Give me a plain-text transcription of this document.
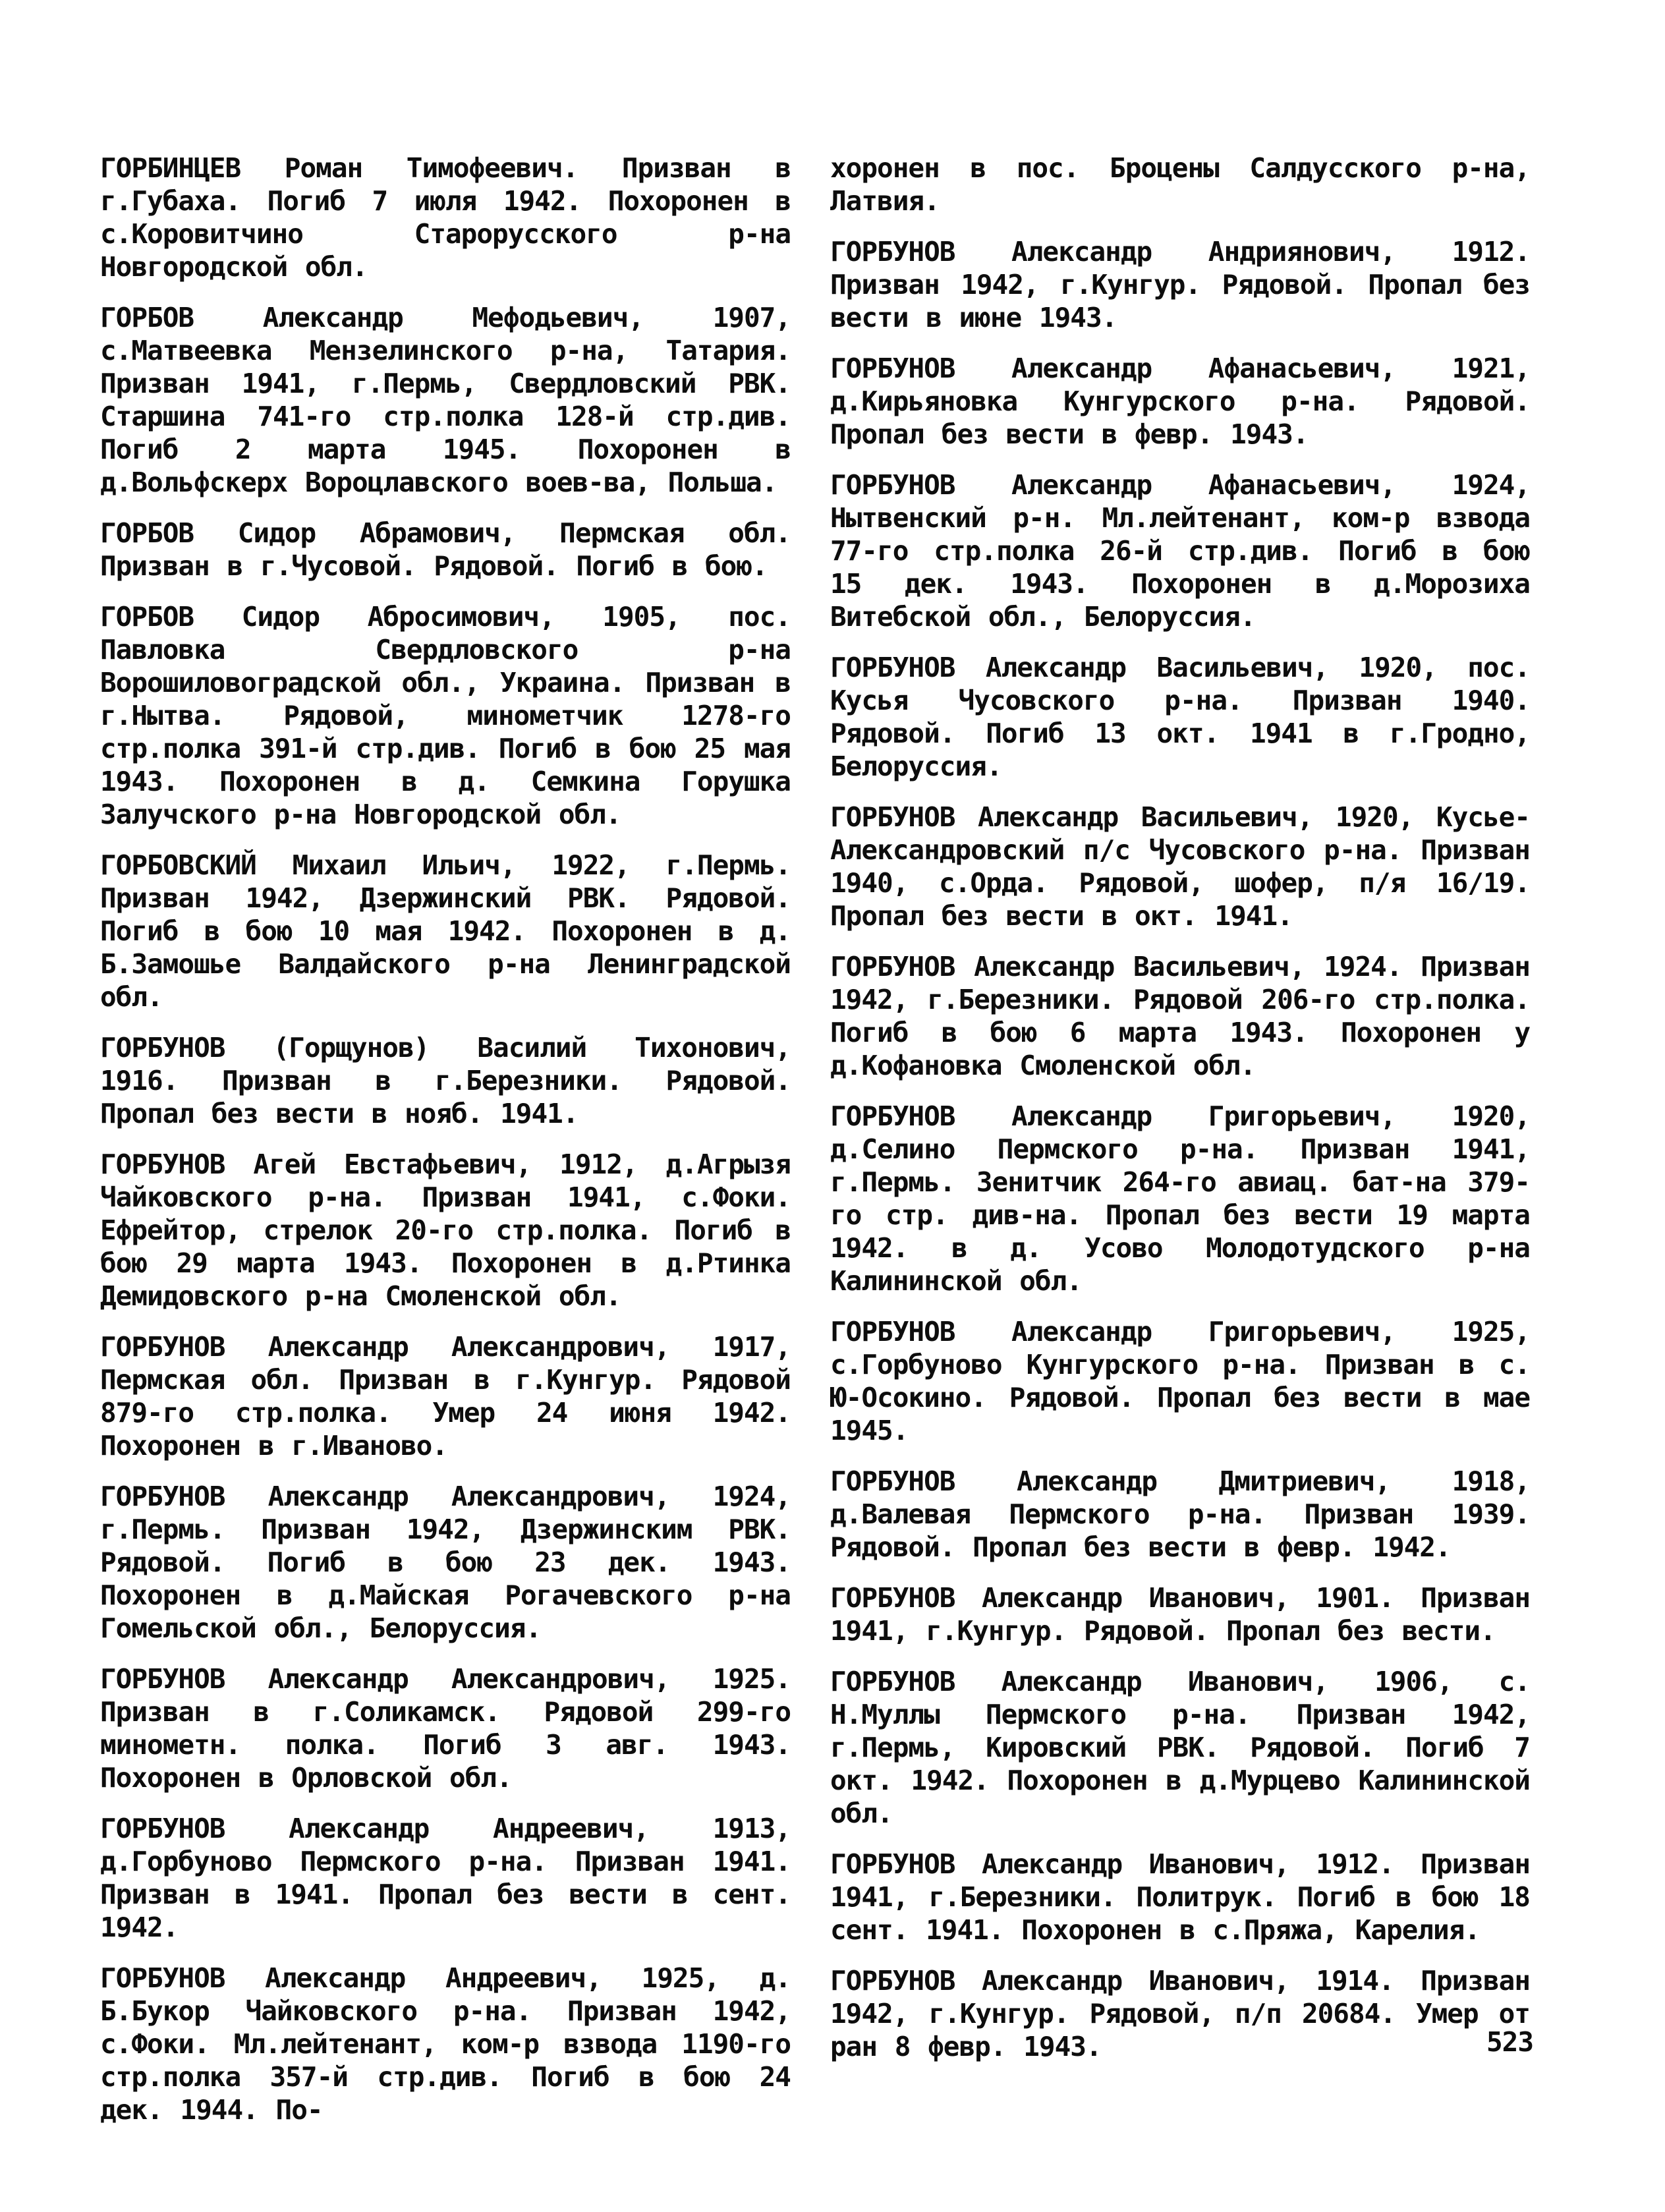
ГОРБИНЦЕВ Роман Тимофеевич. Призван в г.Губаха. Погиб 7 июля 1942. Похоронен в с.Коровитчино Старорусского р-на Новгородской обл.

ГОРБОВ Александр Мефодьевич, 1907, с.Матвеевка Мензелинского р-на, Татария. Призван 1941, г.Пермь, Свердловский РВК. Старшина 741-го стр.полка 128-й стр.див. Погиб 2 марта 1945. Похоронен в д.Вольфскерх Вороцлавского воев-ва, Польша.

ГОРБОВ Сидор Абрамович, Пермская обл. Призван в г.Чусовой. Рядовой. Погиб в бою.

ГОРБОВ Сидор Абросимович, 1905, пос. Павловка Свердловского р-на Ворошиловоградской обл., Украина. Призван в г.Нытва. Рядовой, минометчик 1278-го стр.полка 391-й стр.див. Погиб в бою 25 мая 1943. Похоронен в д. Семкина Горушка Залучского р-на Новгородской обл.

ГОРБОВСКИЙ Михаил Ильич, 1922, г.Пермь. Призван 1942, Дзержинский РВК. Рядовой. Погиб в бою 10 мая 1942. Похоронен в д. Б.Замошье Валдайского р-на Ленинградской обл.

ГОРБУНОВ (Горщунов) Василий Тихонович, 1916. Призван в г.Березники. Рядовой. Пропал без вести в нояб. 1941.

ГОРБУНОВ Агей Евстафьевич, 1912, д.Агрызя Чайковского р-на. Призван 1941, с.Фоки. Ефрейтор, стрелок 20-го стр.полка. Погиб в бою 29 марта 1943. Похоронен в д.Ртинка Демидовского р-на Смоленской обл.

ГОРБУНОВ Александр Александрович, 1917, Пермская обл. Призван в г.Кунгур. Рядовой 879-го стр.полка. Умер 24 июня 1942. Похоронен в г.Иваново.

ГОРБУНОВ Александр Александрович, 1924, г.Пермь. Призван 1942, Дзержинским РВК. Рядовой. Погиб в бою 23 дек. 1943. Похоронен в д.Майская Рогачевского р-на Гомельской обл., Белоруссия.

ГОРБУНОВ Александр Александрович, 1925. Призван в г.Соликамск. Рядовой 299-го минометн. полка. Погиб 3 авг. 1943. Похоронен в Орловской обл.

ГОРБУНОВ Александр Андреевич, 1913, д.Горбуново Пермского р-на. Призван 1941. Призван в 1941. Пропал без вести в сент. 1942.

ГОРБУНОВ Александр Андреевич, 1925, д. Б.Букор Чайковского р-на. Призван 1942, с.Фоки. Мл.лейтенант, ком-р взвода 1190-го стр.полка 357-й стр.див. Погиб в бою 24 дек. 1944. По-

хоронен в пос. Броцены Салдусского р-на, Латвия.

ГОРБУНОВ Александр Андриянович, 1912. Призван 1942, г.Кунгур. Рядовой. Пропал без вести в июне 1943.

ГОРБУНОВ Александр Афанасьевич, 1921, д.Кирьяновка Кунгурского р-на. Рядовой. Пропал без вести в февр. 1943.

ГОРБУНОВ Александр Афанасьевич, 1924, Нытвенский р-н. Мл.лейтенант, ком-р взвода 77-го стр.полка 26-й стр.див. Погиб в бою 15 дек. 1943. Похоронен в д.Морозиха Витебской обл., Белоруссия.

ГОРБУНОВ Александр Васильевич, 1920, пос. Кусья Чусовского р-на. Призван 1940. Рядовой. Погиб 13 окт. 1941 в г.Гродно, Белоруссия.

ГОРБУНОВ Александр Васильевич, 1920, Кусье-Александровский п/с Чусовского р-на. Призван 1940, с.Орда. Рядовой, шофер, п/я 16/19. Пропал без вести в окт. 1941.

ГОРБУНОВ Александр Васильевич, 1924. Призван 1942, г.Березники. Рядовой 206-го стр.полка. Погиб в бою 6 марта 1943. Похоронен у д.Кофановка Смоленской обл.

ГОРБУНОВ Александр Григорьевич, 1920, д.Селино Пермского р-на. Призван 1941, г.Пермь. Зенитчик 264-го авиац. бат-на 379-го стр. див-на. Пропал без вести 19 марта 1942. в д. Усово Молодотудского р-на Калининской обл.

ГОРБУНОВ Александр Григорьевич, 1925, с.Горбуново Кунгурского р-на. Призван в с. Ю-Осокино. Рядовой. Пропал без вести в мае 1945.

ГОРБУНОВ Александр Дмитриевич, 1918, д.Валевая Пермского р-на. Призван 1939. Рядовой. Пропал без вести в февр. 1942.

ГОРБУНОВ Александр Иванович, 1901. Призван 1941, г.Кунгур. Рядовой. Пропал без вести.

ГОРБУНОВ Александр Иванович, 1906, с. Н.Муллы Пермского р-на. Призван 1942, г.Пермь, Кировский РВК. Рядовой. Погиб 7 окт. 1942. Похоронен в д.Мурцево Калининской обл.

ГОРБУНОВ Александр Иванович, 1912. Призван 1941, г.Березники. Политрук. Погиб в бою 18 сент. 1941. Похоронен в с.Пряжа, Карелия.

ГОРБУНОВ Александр Иванович, 1914. Призван 1942, г.Кунгур. Рядовой, п/п 20684. Умер от ран 8 февр. 1943.	523
